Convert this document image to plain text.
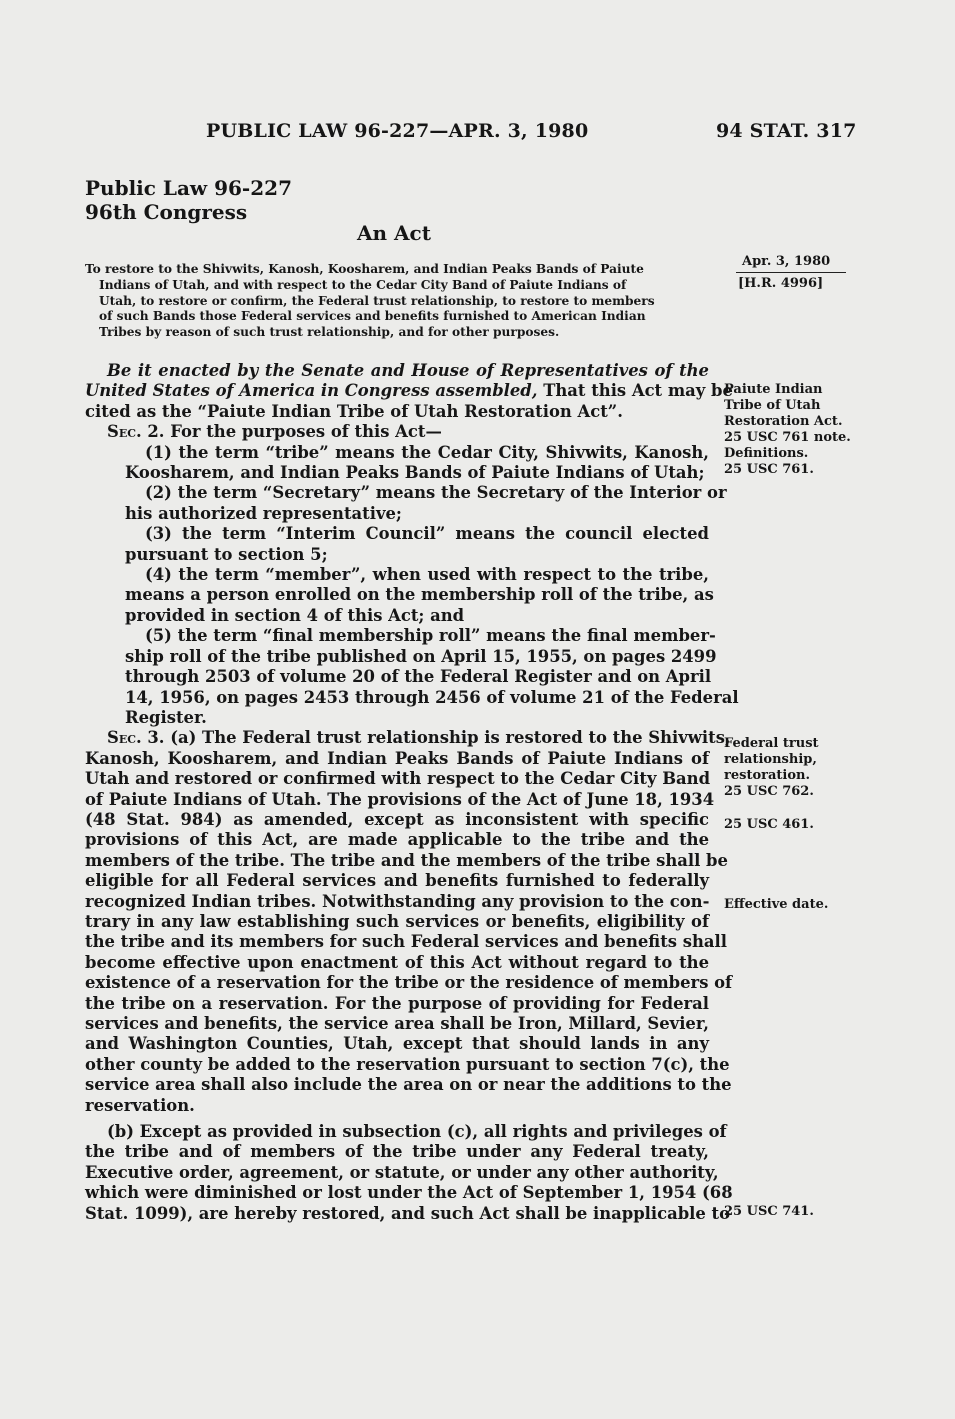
PUBLIC LAW 96-227—APR. 3, 1980	94 STAT. 317
Public Law 96-227
96th Congress
An Act
To restore to the Shivwits, Kanosh, Koosharem, and Indian Peaks Bands of Paiute
Indians of Utah, and with respect to the Cedar City Band of Paiute Indians of
Utah, to restore or confirm, the Federal trust relationship, to restore to members
of such Bands those Federal services and benefits furnished to American Indian
Tribes by reason of such trust relationship, and for other purposes.
Apr. 3, 1980
[H.R. 4996]
Paiute Indian
Tribe of Utah
Restoration Act.
25 USC 761 note.
Definitions.
25 USC 761.
Federal trust
relationship,
restoration.
25 USC 762.
25 USC 461.
Effective date.
25 USC 741.
Be it enacted by the Senate and House of Representatives of the
United States of America in Congress assembled, That this Act may be
cited as the “Paiute Indian Tribe of Utah Restoration Act”.
Sec. 2. For the purposes of this Act—
(1) the term “tribe” means the Cedar City, Shivwits, Kanosh,
Koosharem, and Indian Peaks Bands of Paiute Indians of Utah;
(2) the term “Secretary” means the Secretary of the Interior or
his authorized representative;
(3) the term “Interim Council” means the council elected
pursuant to section 5;
(4) the term “member”, when used with respect to the tribe,
means a person enrolled on the membership roll of the tribe, as
provided in section 4 of this Act; and
(5) the term “final membership roll” means the final member-
ship roll of the tribe published on April 15, 1955, on pages 2499
through 2503 of volume 20 of the Federal Register and on April
14, 1956, on pages 2453 through 2456 of volume 21 of the Federal
Register.
Sec. 3. (a) The Federal trust relationship is restored to the Shivwits,
Kanosh, Koosharem, and Indian Peaks Bands of Paiute Indians of
Utah and restored or confirmed with respect to the Cedar City Band
of Paiute Indians of Utah. The provisions of the Act of June 18, 1934
(48 Stat. 984) as amended, except as inconsistent with specific
provisions of this Act, are made applicable to the tribe and the
members of the tribe. The tribe and the members of the tribe shall be
eligible for all Federal services and benefits furnished to federally
recognized Indian tribes. Notwithstanding any provision to the con-
trary in any law establishing such services or benefits, eligibility of
the tribe and its members for such Federal services and benefits shall
become effective upon enactment of this Act without regard to the
existence of a reservation for the tribe or the residence of members of
the tribe on a reservation. For the purpose of providing for Federal
services and benefits, the service area shall be Iron, Millard, Sevier,
and Washington Counties, Utah, except that should lands in any
other county be added to the reservation pursuant to section 7(c), the
service area shall also include the area on or near the additions to the
reservation.
(b) Except as provided in subsection (c), all rights and privileges of
the tribe and of members of the tribe under any Federal treaty,
Executive order, agreement, or statute, or under any other authority,
which were diminished or lost under the Act of September 1, 1954 (68
Stat. 1099), are hereby restored, and such Act shall be inapplicable to
